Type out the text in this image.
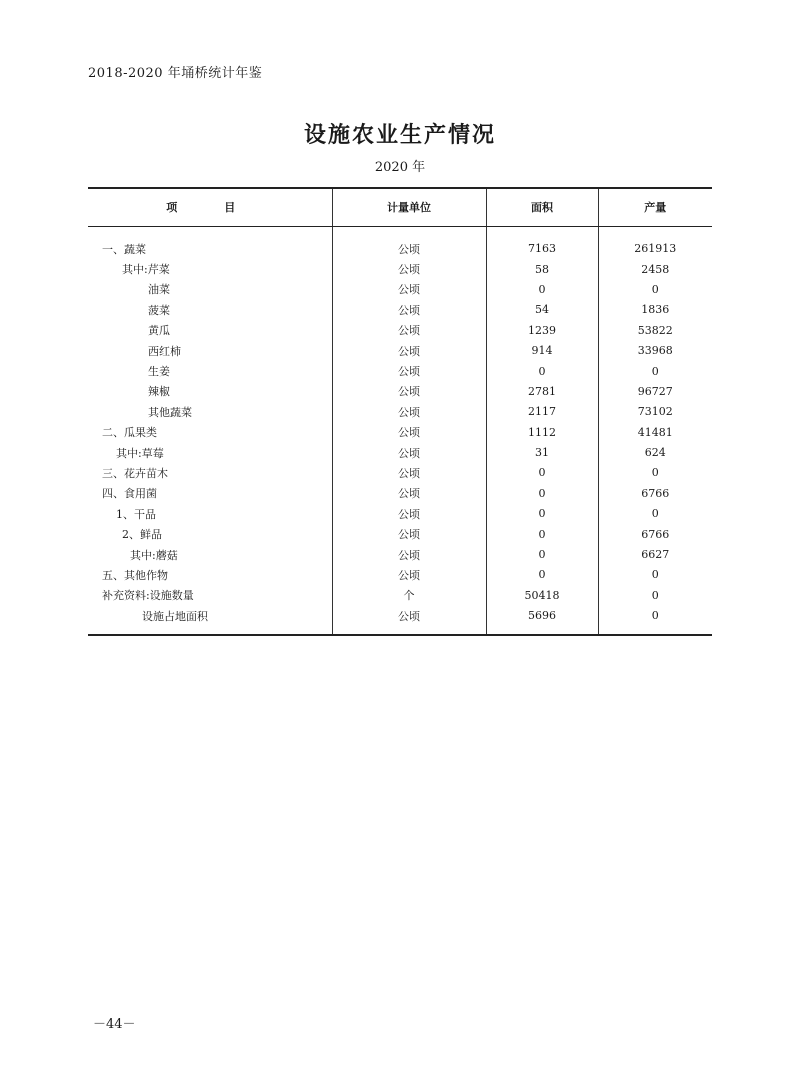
2018-2020 年埇桥统计年鉴
设施农业生产情况
2020 年
项　目	计量单位	面积	产量

一、蔬菜	公顷	7163	261913
其中:芹菜	公顷	58	2458
油菜	公顷	0	0
菠菜	公顷	54	1836
黄瓜	公顷	1239	53822
西红柿	公顷	914	33968
生姜	公顷	0	0
辣椒	公顷	2781	96727
其他蔬菜	公顷	2117	73102
二、瓜果类	公顷	1112	41481
其中:草莓	公顷	31	624
三、花卉苗木	公顷	0	0
四、食用菌	公顷	0	6766
1、干品	公顷	0	0
2、鲜品	公顷	0	6766
其中:蘑菇	公顷	0	6627
五、其他作物	公顷	0	0
补充资料:设施数量	个	50418	0
设施占地面积	公顷	5696	0
－44－
